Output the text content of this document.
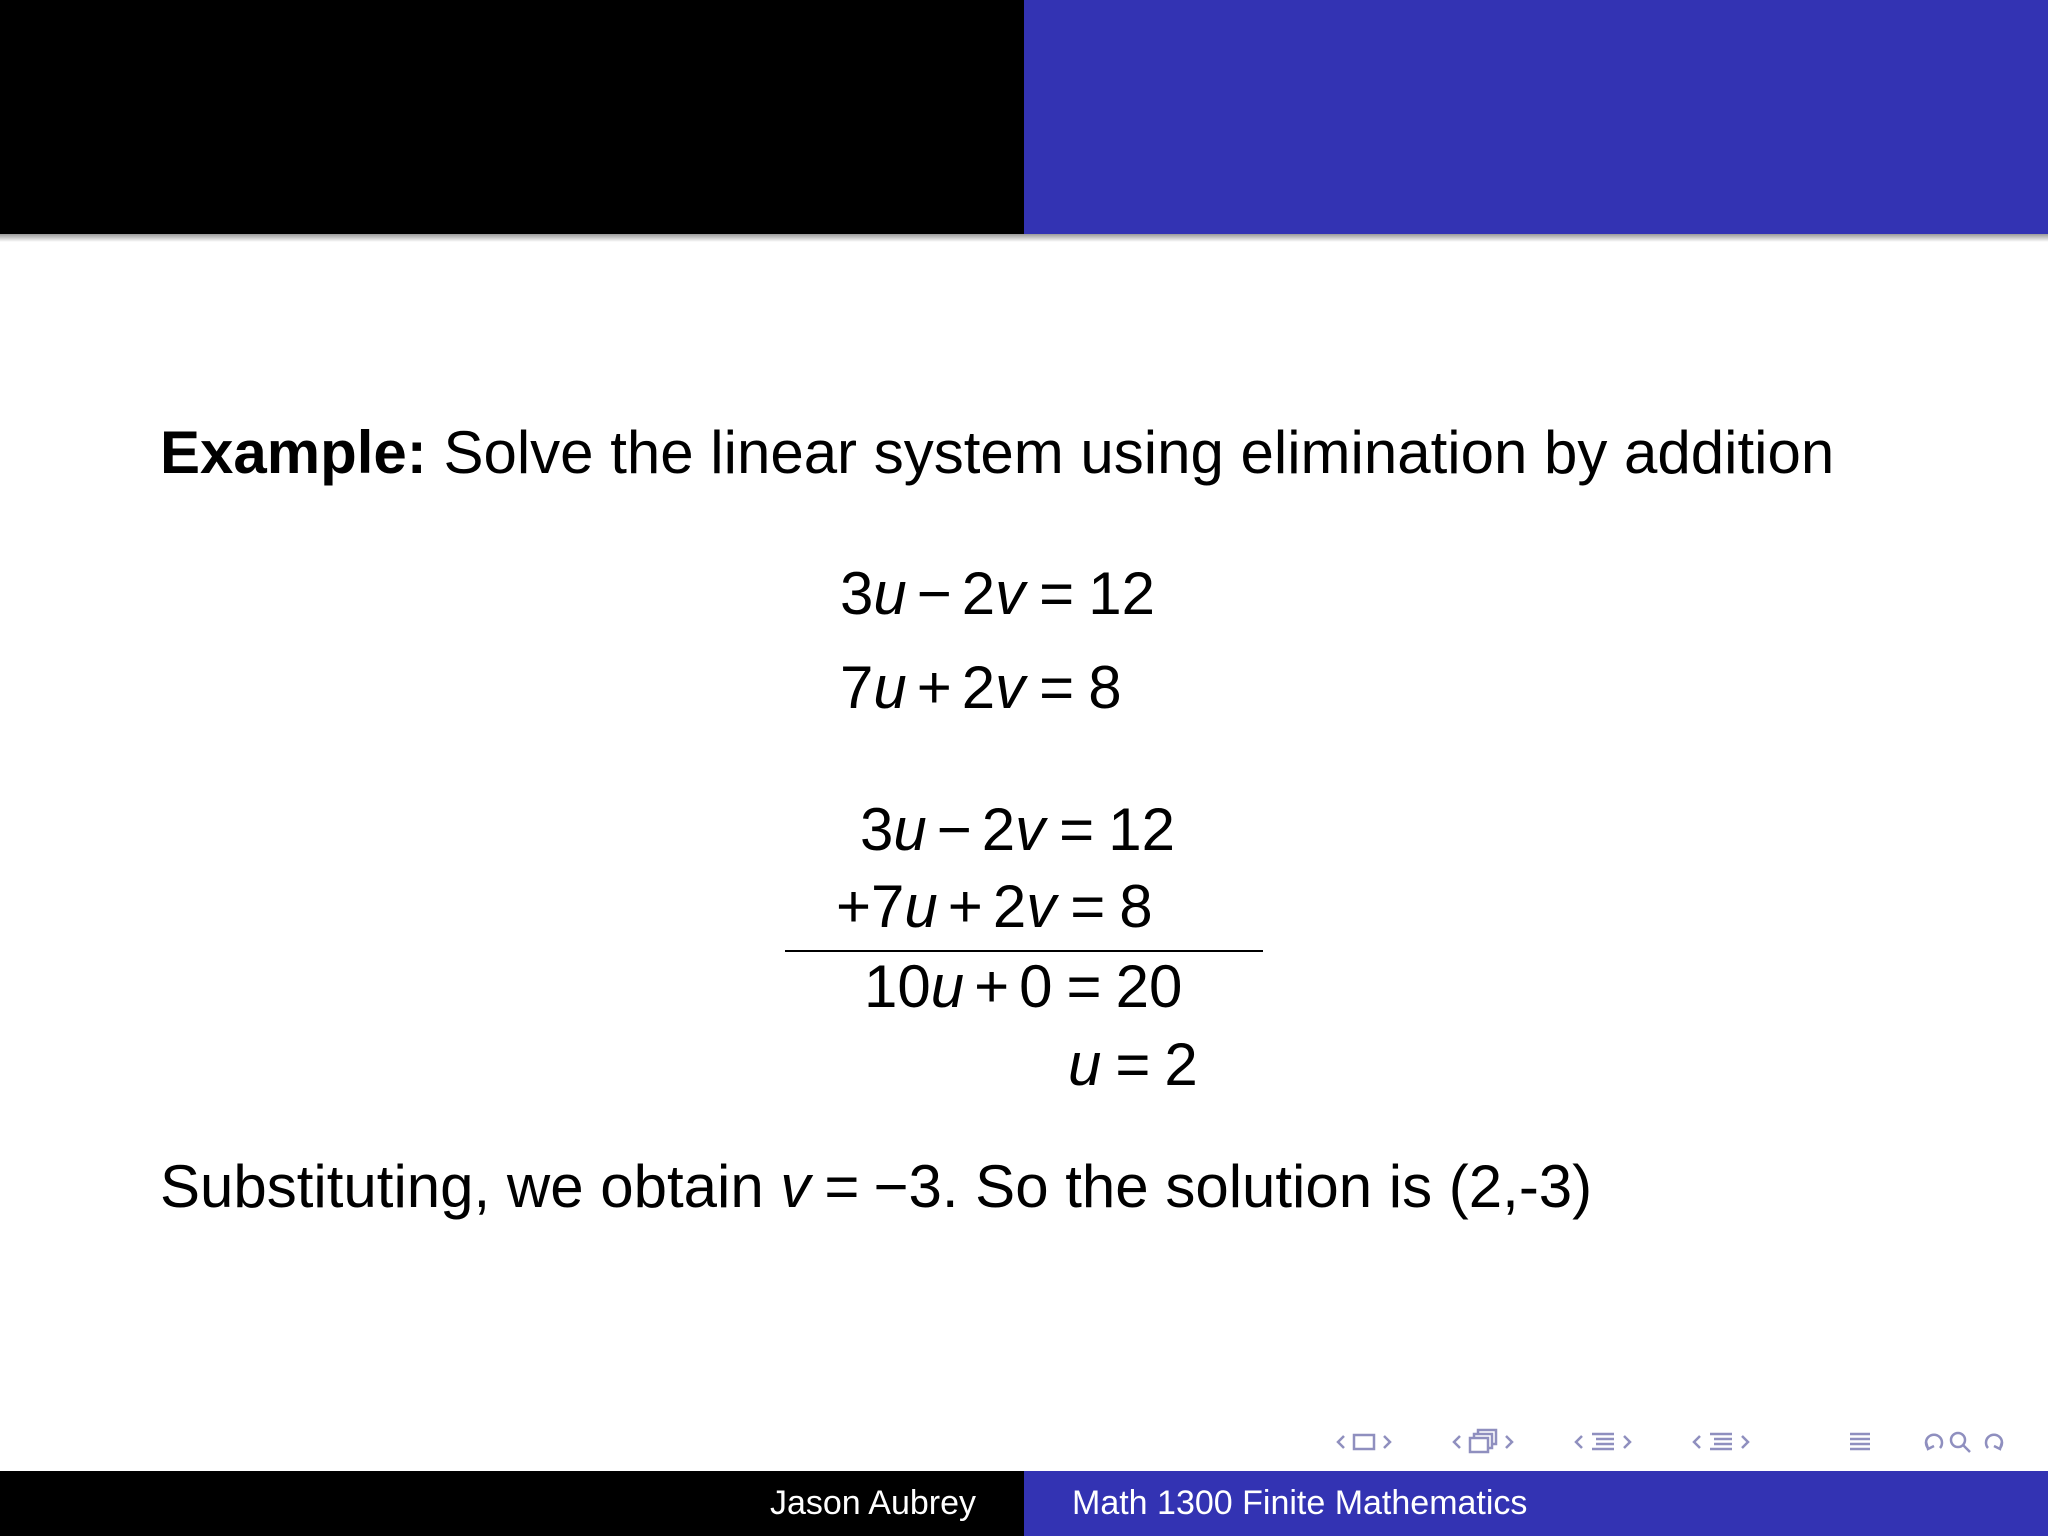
Example: Solve the linear system using elimination by addition
3u − 2v = 12
7u + 2v = 8
3u − 2v = 12
+7u + 2v = 8
10u + 0 = 20
u = 2
Substituting, we obtain v = −3. So the solution is (2,-3)
Jason Aubrey	Math 1300 Finite Mathematics
